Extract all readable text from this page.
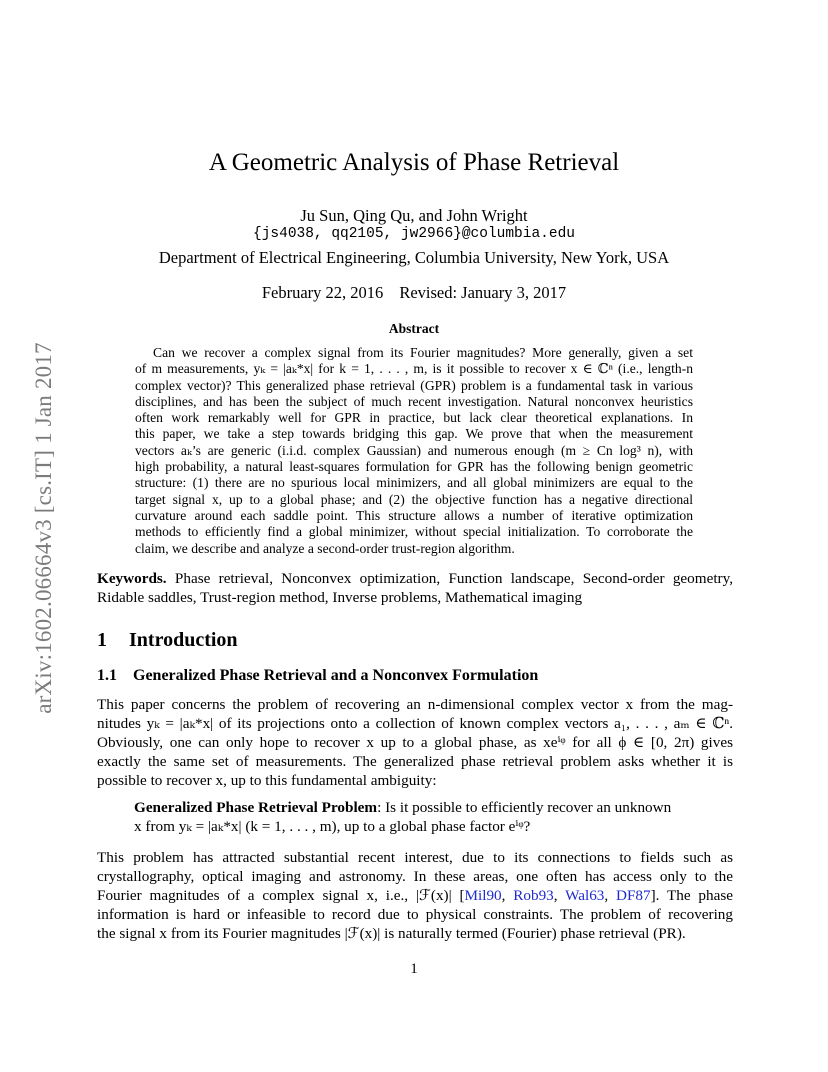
arXiv:1602.06664v3 [cs.IT] 1 Jan 2017
A Geometric Analysis of Phase Retrieval
Ju Sun, Qing Qu, and John Wright
{js4038, qq2105, jw2966}@columbia.edu
Department of Electrical Engineering, Columbia University, New York, USA
February 22, 2016 Revised: January 3, 2017
Abstract
Can we recover a complex signal from its Fourier magnitudes? More generally, given a set
of m measurements, yₖ = |aₖ*x| for k = 1, . . . , m, is it possible to recover x ∈ ℂⁿ (i.e., length-n
complex vector)? This generalized phase retrieval (GPR) problem is a fundamental task in various
disciplines, and has been the subject of much recent investigation. Natural nonconvex heuristics
often work remarkably well for GPR in practice, but lack clear theoretical explanations. In
this paper, we take a step towards bridging this gap. We prove that when the measurement
vectors aₖ’s are generic (i.i.d. complex Gaussian) and numerous enough (m ≥ Cn log³ n), with
high probability, a natural least-squares formulation for GPR has the following benign geometric
structure: (1) there are no spurious local minimizers, and all global minimizers are equal to the
target signal x, up to a global phase; and (2) the objective function has a negative directional
curvature around each saddle point. This structure allows a number of iterative optimization
methods to efficiently find a global minimizer, without special initialization. To corroborate the
claim, we describe and analyze a second-order trust-region algorithm.
Keywords. Phase retrieval, Nonconvex optimization, Function landscape, Second-order geometry,
Ridable saddles, Trust-region method, Inverse problems, Mathematical imaging
1 Introduction
1.1 Generalized Phase Retrieval and a Nonconvex Formulation
This paper concerns the problem of recovering an n-dimensional complex vector x from the mag-
nitudes yₖ = |aₖ*x| of its projections onto a collection of known complex vectors a₁, . . . , aₘ ∈ ℂⁿ.
Obviously, one can only hope to recover x up to a global phase, as xeⁱᵠ for all ϕ ∈ [0, 2π) gives
exactly the same set of measurements. The generalized phase retrieval problem asks whether it is
possible to recover x, up to this fundamental ambiguity:
Generalized Phase Retrieval Problem: Is it possible to efficiently recover an unknown
x from yₖ = |aₖ*x| (k = 1, . . . , m), up to a global phase factor eⁱᵠ?
This problem has attracted substantial recent interest, due to its connections to fields such as
crystallography, optical imaging and astronomy. In these areas, one often has access only to the
Fourier magnitudes of a complex signal x, i.e., |ℱ(x)| [Mil90, Rob93, Wal63, DF87]. The phase
information is hard or infeasible to record due to physical constraints. The problem of recovering
the signal x from its Fourier magnitudes |ℱ(x)| is naturally termed (Fourier) phase retrieval (PR).
1
